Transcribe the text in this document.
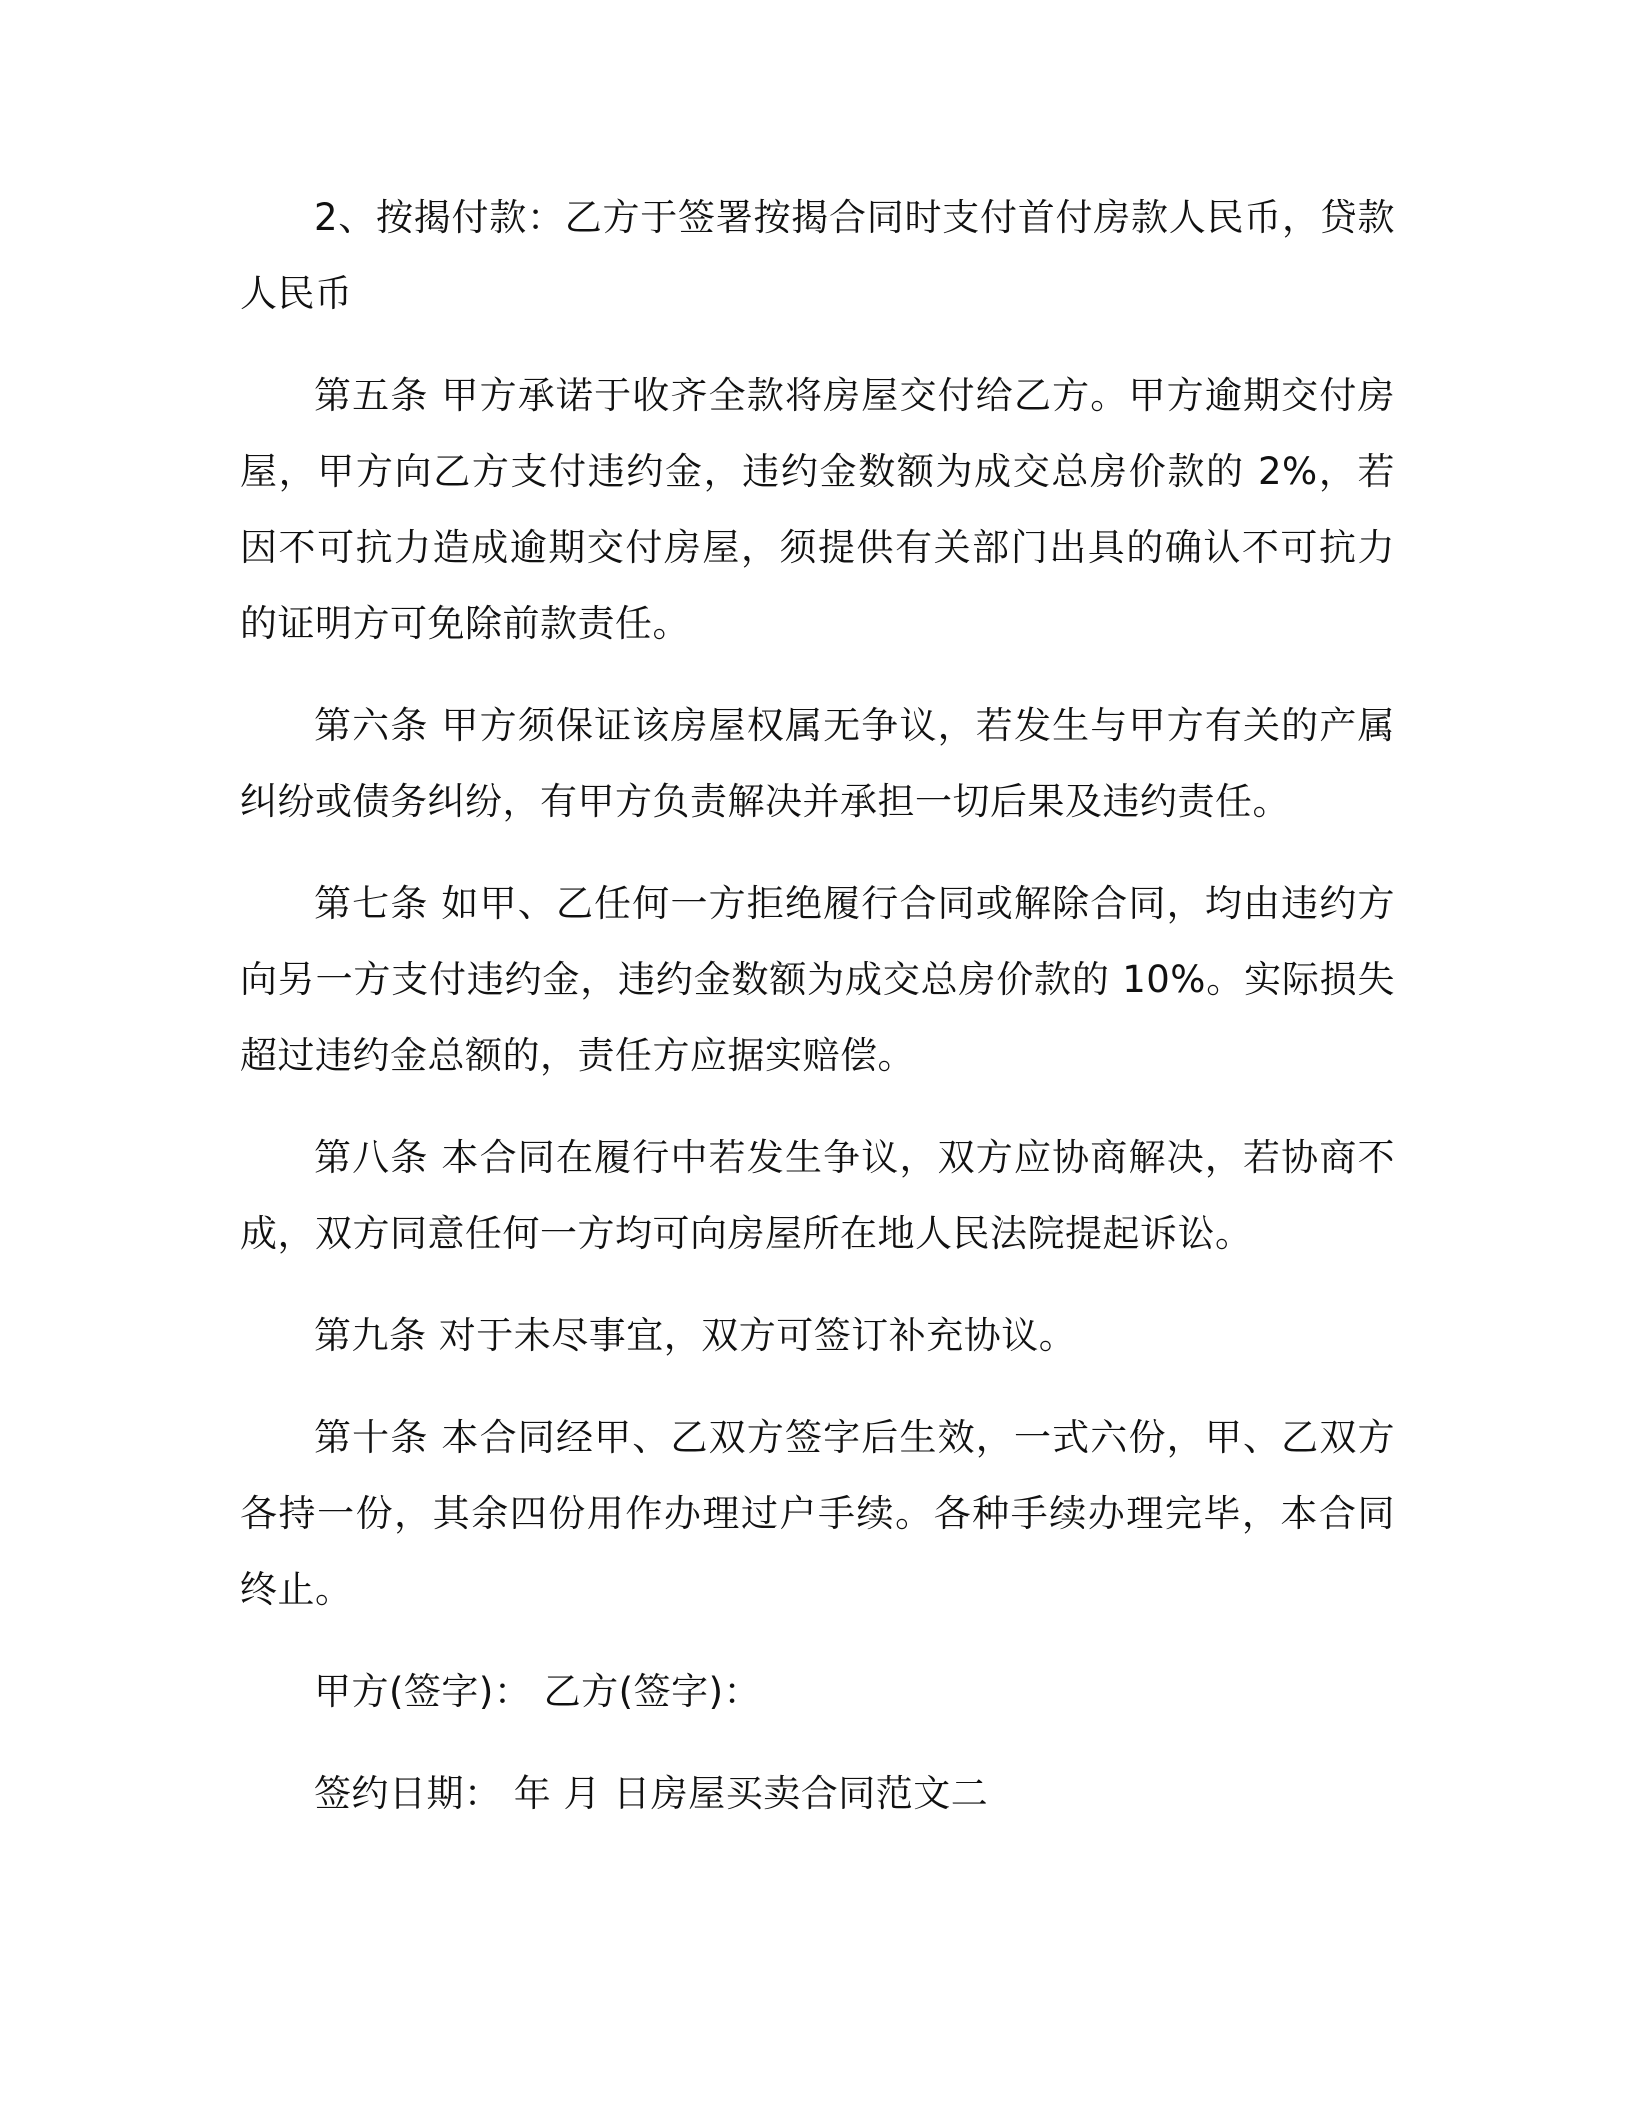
2、按揭付款：乙方于签署按揭合同时支付首付房款人民币，贷款人民币

第五条 甲方承诺于收齐全款将房屋交付给乙方。甲方逾期交付房屋，甲方向乙方支付违约金，违约金数额为成交总房价款的 2%，若因不可抗力造成逾期交付房屋，须提供有关部门出具的确认不可抗力的证明方可免除前款责任。

第六条 甲方须保证该房屋权属无争议，若发生与甲方有关的产属纠纷或债务纠纷，有甲方负责解决并承担一切后果及违约责任。

第七条 如甲、乙任何一方拒绝履行合同或解除合同，均由违约方向另一方支付违约金，违约金数额为成交总房价款的 10%。实际损失超过违约金总额的，责任方应据实赔偿。

第八条 本合同在履行中若发生争议，双方应协商解决，若协商不成，双方同意任何一方均可向房屋所在地人民法院提起诉讼。

第九条 对于未尽事宜，双方可签订补充协议。

第十条 本合同经甲、乙双方签字后生效，一式六份，甲、乙双方各持一份，其余四份用作办理过户手续。各种手续办理完毕，本合同终止。

甲方(签字)： 乙方(签字)：

签约日期： 年 月 日房屋买卖合同范文二
